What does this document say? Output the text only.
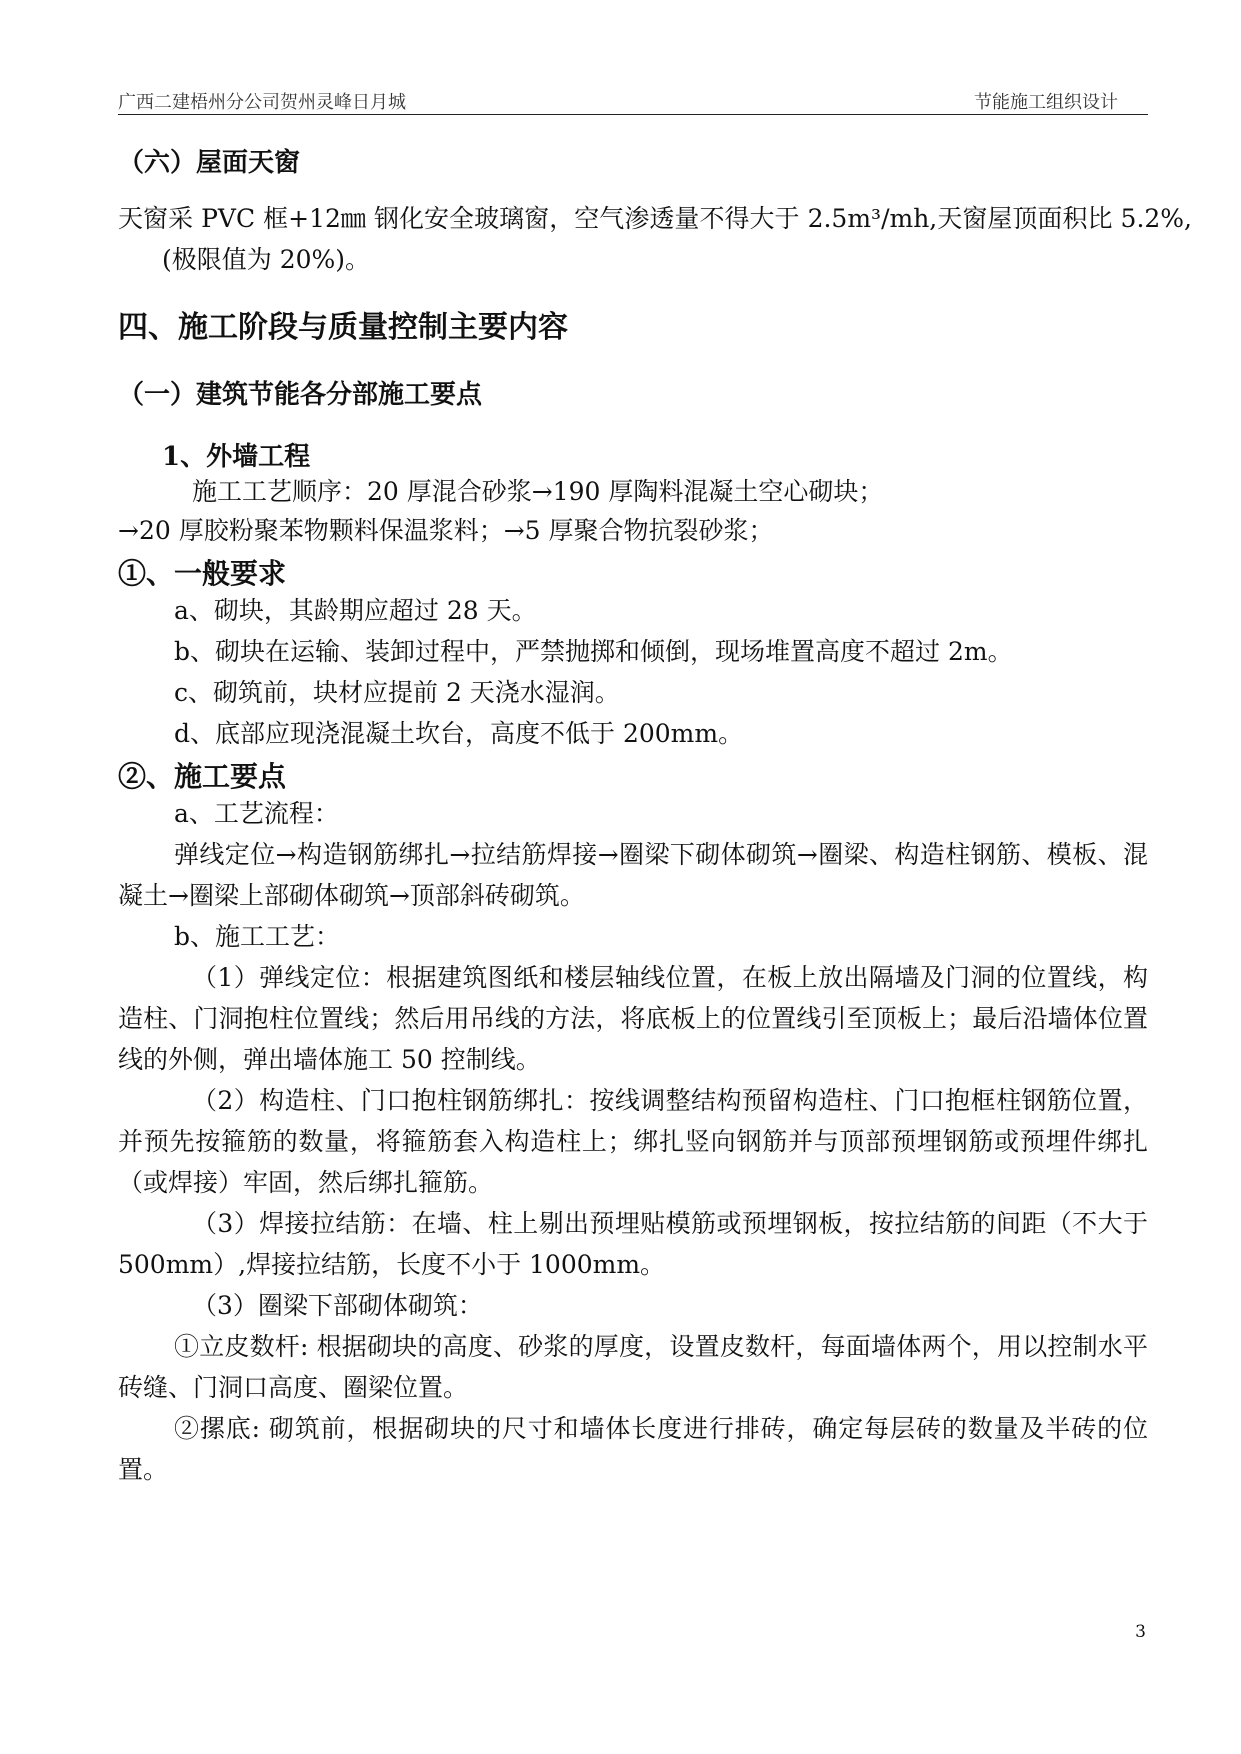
广西二建梧州分公司贺州灵峰日月城	节能施工组织设计
（六）屋面天窗
天窗采 PVC 框+12㎜ 钢化安全玻璃窗，空气渗透量不得大于 2.5m³/mh,天窗屋顶面积比 5.2%,(极限值为 20%)。
四、施工阶段与质量控制主要内容
（一）建筑节能各分部施工要点
1、外墙工程
施工工艺顺序：20 厚混合砂浆→190 厚陶料混凝土空心砌块；
→20 厚胶粉聚苯物颗料保温浆料；→5 厚聚合物抗裂砂浆；
①、一般要求
a、砌块，其龄期应超过 28 天。
b、砌块在运输、装卸过程中，严禁抛掷和倾倒，现场堆置高度不超过 2m。
c、砌筑前，块材应提前 2 天浇水湿润。
d、底部应现浇混凝土坎台，高度不低于 200mm。
②、施工要点
a、工艺流程：
弹线定位→构造钢筋绑扎→拉结筋焊接→圈梁下砌体砌筑→圈梁、构造柱钢筋、模板、混凝土→圈梁上部砌体砌筑→顶部斜砖砌筑。
b、施工工艺：
（1）弹线定位：根据建筑图纸和楼层轴线位置，在板上放出隔墙及门洞的位置线，构造柱、门洞抱柱位置线；然后用吊线的方法，将底板上的位置线引至顶板上；最后沿墙体位置线的外侧，弹出墙体施工 50 控制线。
（2）构造柱、门口抱柱钢筋绑扎：按线调整结构预留构造柱、门口抱框柱钢筋位置，并预先按箍筋的数量，将箍筋套入构造柱上；绑扎竖向钢筋并与顶部预埋钢筋或预埋件绑扎（或焊接）牢固，然后绑扎箍筋。
（3）焊接拉结筋：在墙、柱上剔出预埋贴模筋或预埋钢板，按拉结筋的间距（不大于 500mm）,焊接拉结筋，长度不小于 1000mm。
（3）圈梁下部砌体砌筑：
①立皮数杆: 根据砌块的高度、砂浆的厚度，设置皮数杆，每面墙体两个，用以控制水平砖缝、门洞口高度、圈梁位置。
②摞底: 砌筑前，根据砌块的尺寸和墙体长度进行排砖，确定每层砖的数量及半砖的位置。
3
